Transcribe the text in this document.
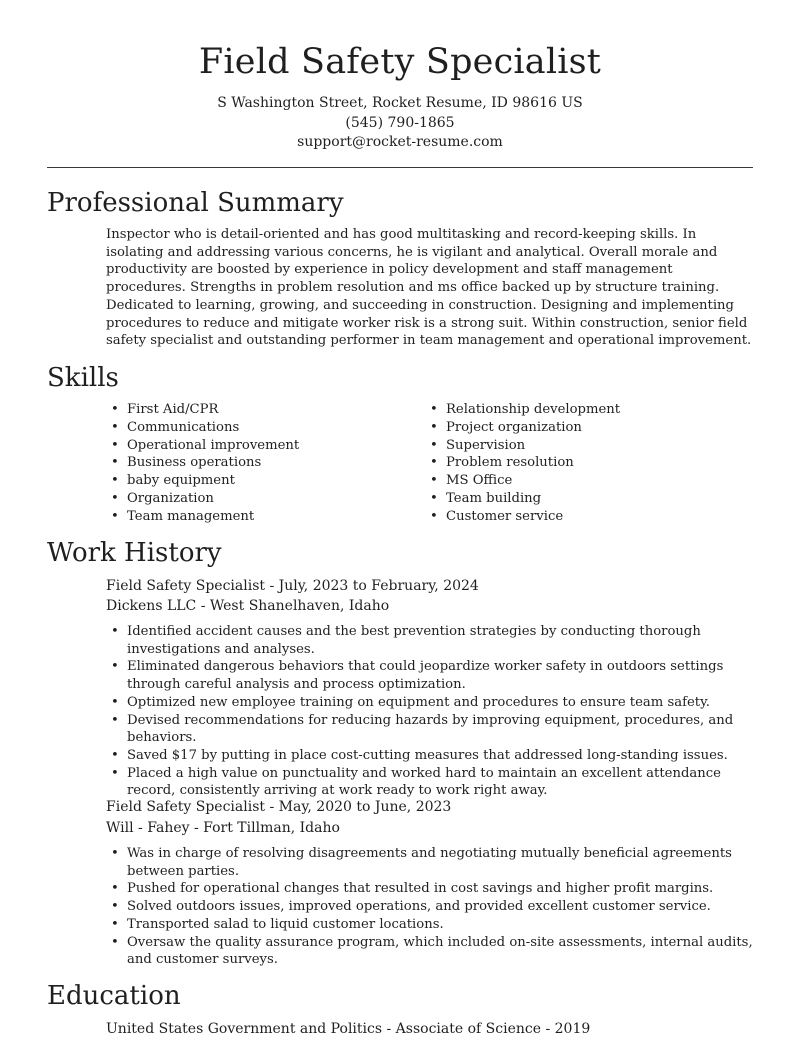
Field Safety Specialist
S Washington Street, Rocket Resume, ID 98616 US
(545) 790-1865
support@rocket-resume.com
Professional Summary
Inspector who is detail-oriented and has good multitasking and record-keeping skills. In isolating and addressing various concerns, he is vigilant and analytical. Overall morale and productivity are boosted by experience in policy development and staff management procedures. Strengths in problem resolution and ms office backed up by structure training. Dedicated to learning, growing, and succeeding in construction. Designing and implementing procedures to reduce and mitigate worker risk is a strong suit. Within construction, senior field safety specialist and outstanding performer in team management and operational improvement.
Skills
• First Aid/CPR
• Communications
• Operational improvement
• Business operations
• baby equipment
• Organization
• Team management
• Relationship development
• Project organization
• Supervision
• Problem resolution
• MS Office
• Team building
• Customer service
Work History
Field Safety Specialist - July, 2023 to February, 2024
Dickens LLC - West Shanelhaven, Idaho
• Identified accident causes and the best prevention strategies by conducting thorough investigations and analyses.
• Eliminated dangerous behaviors that could jeopardize worker safety in outdoors settings through careful analysis and process optimization.
• Optimized new employee training on equipment and procedures to ensure team safety.
• Devised recommendations for reducing hazards by improving equipment, procedures, and behaviors.
• Saved $17 by putting in place cost-cutting measures that addressed long-standing issues.
• Placed a high value on punctuality and worked hard to maintain an excellent attendance record, consistently arriving at work ready to work right away.
Field Safety Specialist - May, 2020 to June, 2023
Will - Fahey - Fort Tillman, Idaho
• Was in charge of resolving disagreements and negotiating mutually beneficial agreements between parties.
• Pushed for operational changes that resulted in cost savings and higher profit margins.
• Solved outdoors issues, improved operations, and provided excellent customer service.
• Transported salad to liquid customer locations.
• Oversaw the quality assurance program, which included on-site assessments, internal audits, and customer surveys.
Education
United States Government and Politics - Associate of Science - 2019
